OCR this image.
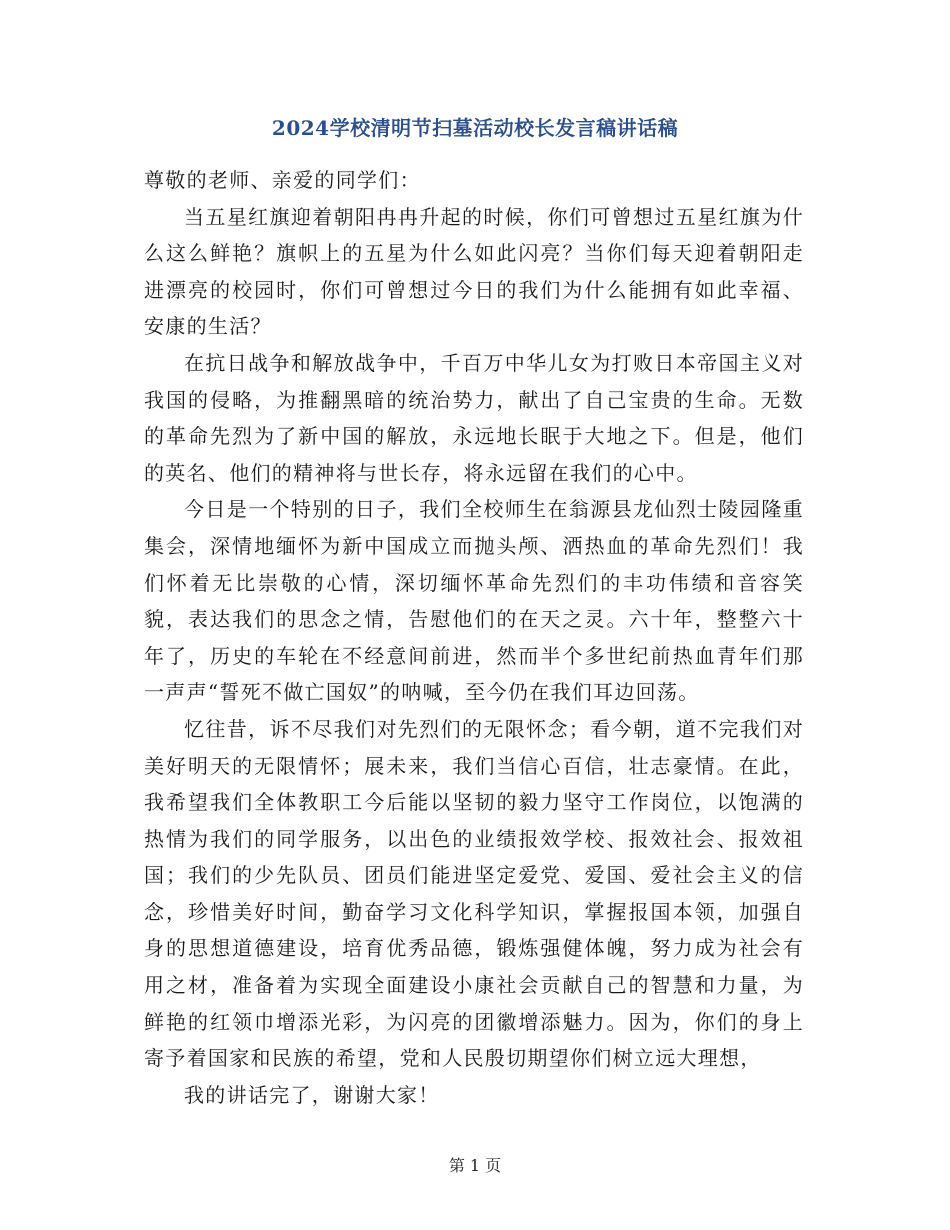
2024学校清明节扫墓活动校长发言稿讲话稿

尊敬的老师、亲爱的同学们：

当五星红旗迎着朝阳冉冉升起的时候，你们可曾想过五星红旗为什么这么鲜艳？旗帜上的五星为什么如此闪亮？当你们每天迎着朝阳走进漂亮的校园时，你们可曾想过今日的我们为什么能拥有如此幸福、安康的生活？

在抗日战争和解放战争中，千百万中华儿女为打败日本帝国主义对我国的侵略，为推翻黑暗的统治势力，献出了自己宝贵的生命。无数的革命先烈为了新中国的解放，永远地长眠于大地之下。但是，他们的英名、他们的精神将与世长存，将永远留在我们的心中。

今日是一个特别的日子，我们全校师生在翁源县龙仙烈士陵园隆重集会，深情地缅怀为新中国成立而抛头颅、洒热血的革命先烈们！我们怀着无比崇敬的心情，深切缅怀革命先烈们的丰功伟绩和音容笑貌，表达我们的思念之情，告慰他们的在天之灵。六十年，整整六十年了，历史的车轮在不经意间前进，然而半个多世纪前热血青年们那一声声“誓死不做亡国奴”的呐喊，至今仍在我们耳边回荡。

忆往昔，诉不尽我们对先烈们的无限怀念；看今朝，道不完我们对美好明天的无限情怀；展未来，我们当信心百信，壮志豪情。在此，我希望我们全体教职工今后能以坚韧的毅力坚守工作岗位，以饱满的热情为我们的同学服务，以出色的业绩报效学校、报效社会、报效祖国；我们的少先队员、团员们能进坚定爱党、爱国、爱社会主义的信念，珍惜美好时间，勤奋学习文化科学知识，掌握报国本领，加强自身的思想道德建设，培育优秀品德，锻炼强健体魄，努力成为社会有用之材，准备着为实现全面建设小康社会贡献自己的智慧和力量，为鲜艳的红领巾增添光彩，为闪亮的团徽增添魅力。因为，你们的身上寄予着国家和民族的希望，党和人民殷切期望你们树立远大理想，

我的讲话完了，谢谢大家！

第 1 页
